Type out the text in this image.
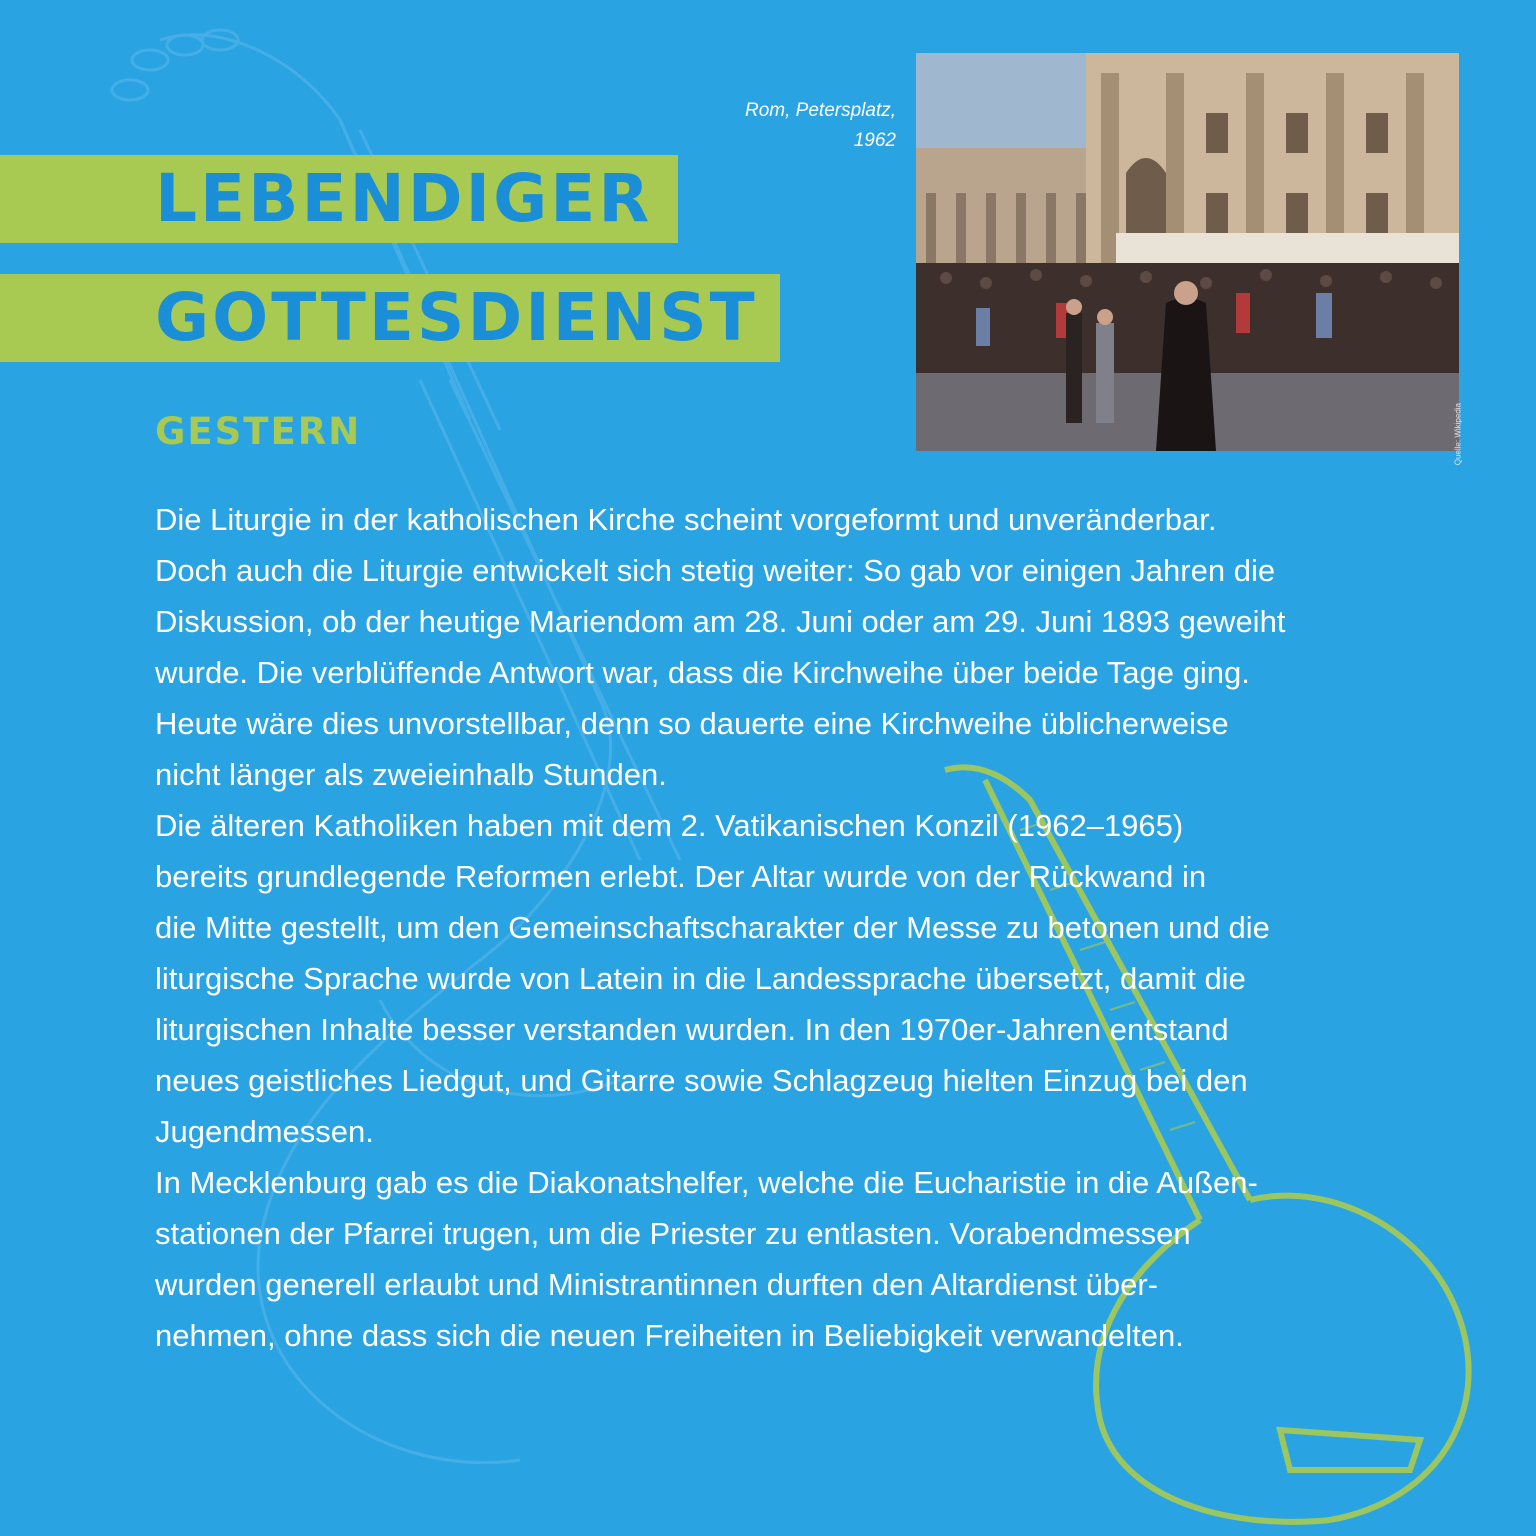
LEBENDIGER
GOTTESDIENST
GESTERN
Rom, Petersplatz,
1962
Quelle: Wikipedia

Die Liturgie in der katholischen Kirche scheint vorgeformt und unveränderbar.
Doch auch die Liturgie entwickelt sich stetig weiter: So gab vor einigen Jahren die
Diskussion, ob der heutige Mariendom am 28. Juni oder am 29. Juni 1893 geweiht
wurde. Die verblüffende Antwort war, dass die Kirchweihe über beide Tage ging.
Heute wäre dies unvorstellbar, denn so dauerte eine Kirchweihe üblicherweise
nicht länger als zweieinhalb Stunden.

Die älteren Katholiken haben mit dem 2. Vatikanischen Konzil (1962–1965)
bereits grundlegende Reformen erlebt. Der Altar wurde von der Rückwand in
die Mitte gestellt, um den Gemeinschaftscharakter der Messe zu betonen und die
liturgische Sprache wurde von Latein in die Landessprache übersetzt, damit die
liturgischen Inhalte besser verstanden wurden. In den 1970er-Jahren entstand
neues geistliches Liedgut, und Gitarre sowie Schlagzeug hielten Einzug bei den
Jugendmessen.

In Mecklenburg gab es die Diakonatshelfer, welche die Eucharistie in die Außen-
stationen der Pfarrei trugen, um die Priester zu entlasten. Vorabendmessen
wurden generell erlaubt und Ministrantinnen durften den Altardienst über-
nehmen, ohne dass sich die neuen Freiheiten in Beliebigkeit verwandelten.
